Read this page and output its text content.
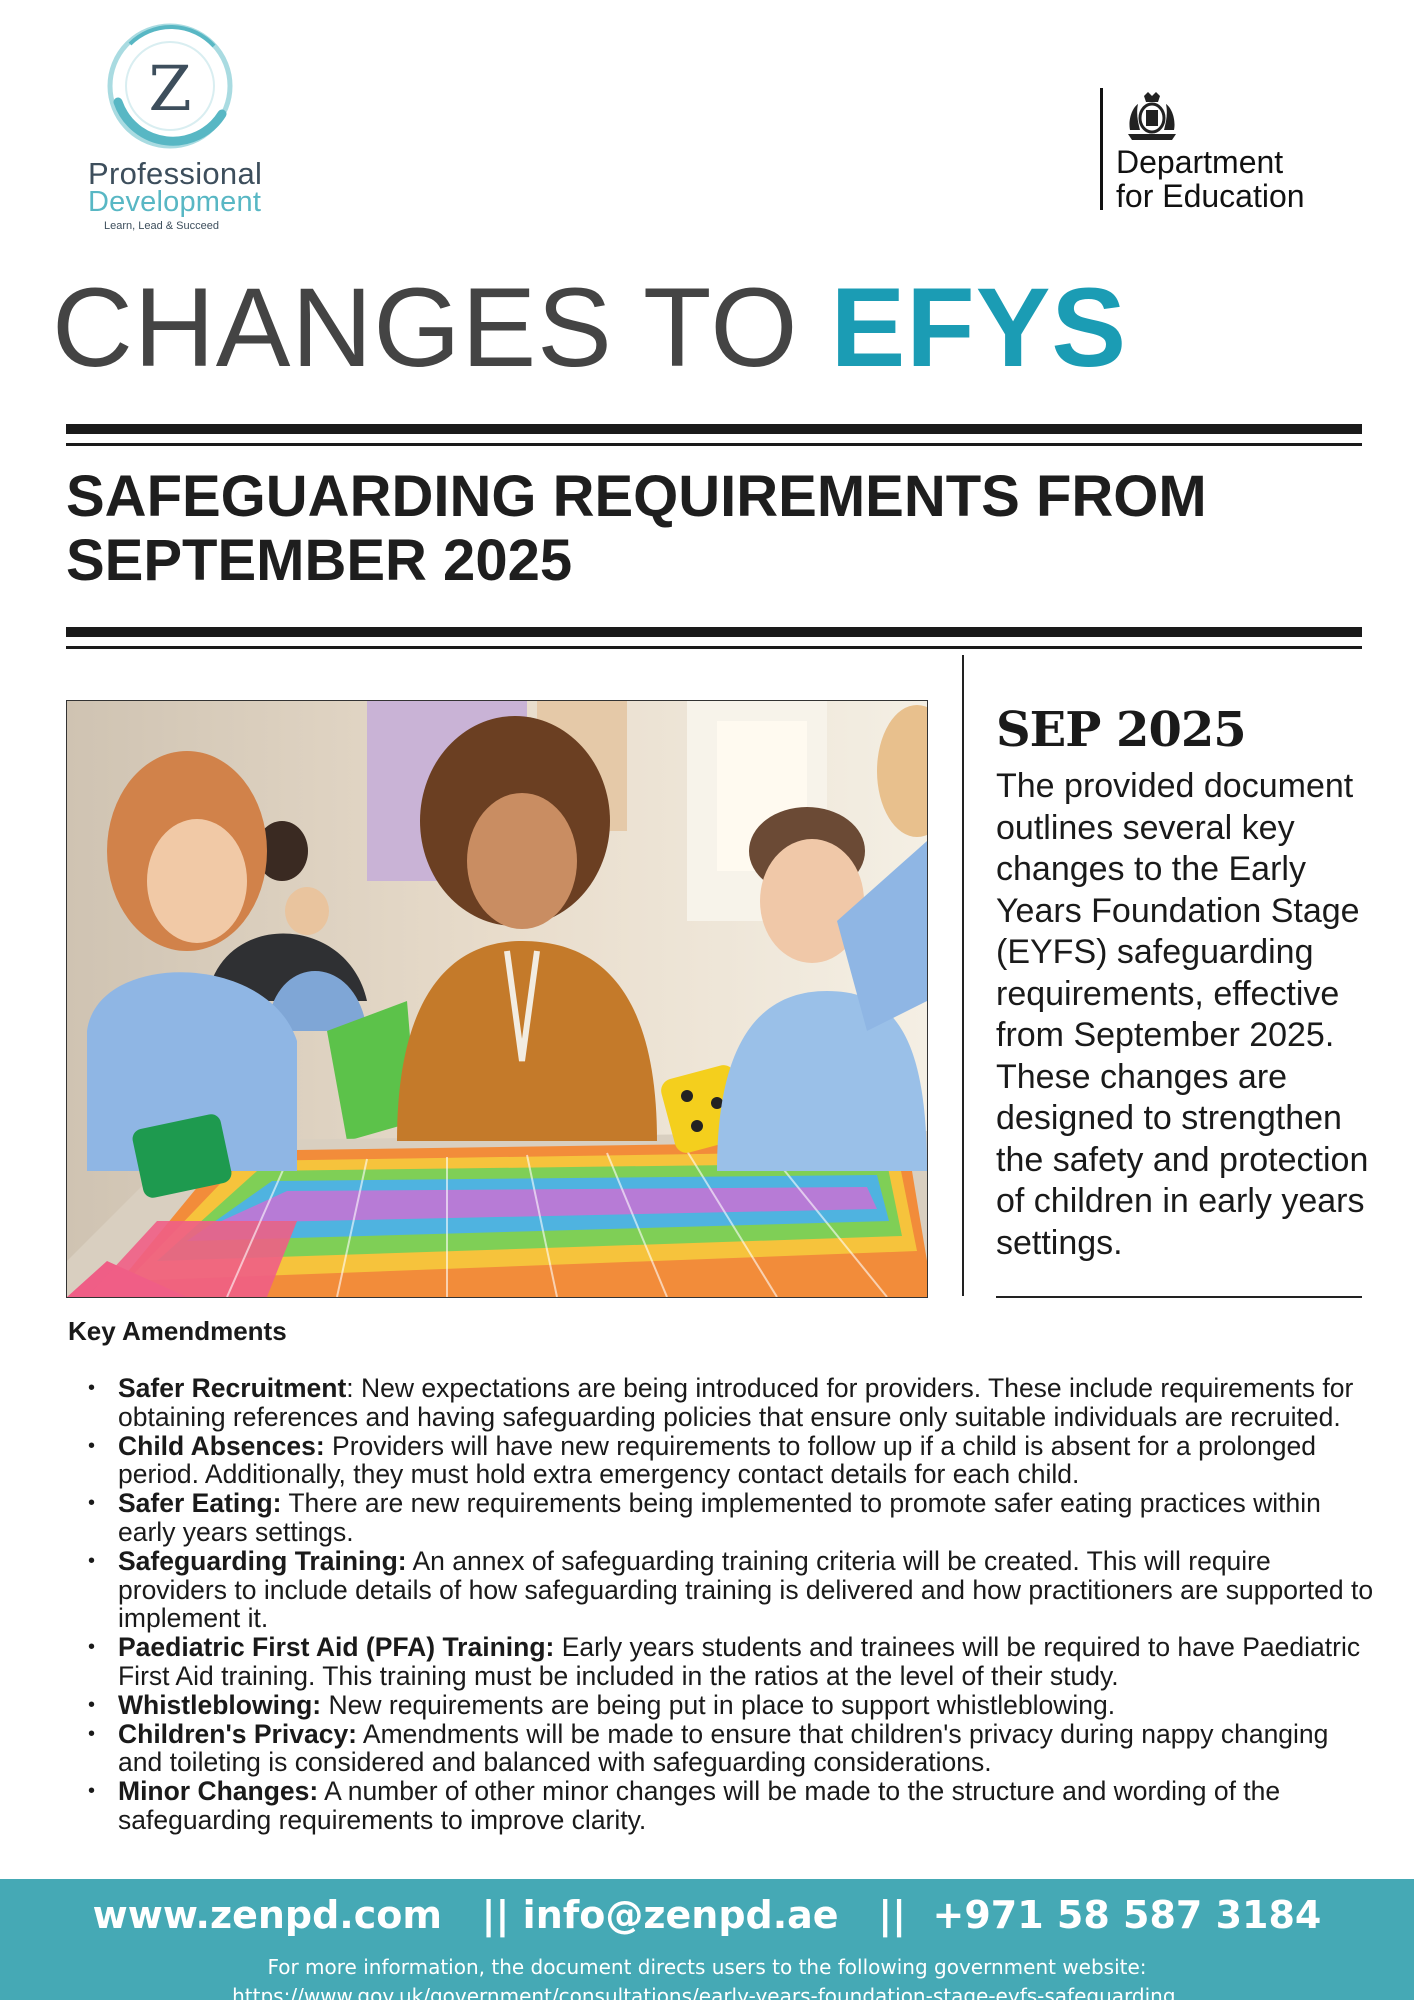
Z
Professional
Development
Learn, Lead & Succeed
Department
for Education
CHANGES TO EFYS
SAFEGUARDING REQUIREMENTS FROM
SEPTEMBER 2025
SEP 2025
The provided document outlines several key changes to the Early Years Foundation Stage (EYFS) safeguarding requirements, effective from September 2025. These changes are designed to strengthen the safety and protection of children in early years settings.
Key Amendments
• Safer Recruitment: New expectations are being introduced for providers. These include requirements for obtaining references and having safeguarding policies that ensure only suitable individuals are recruited.
• Child Absences: Providers will have new requirements to follow up if a child is absent for a prolonged period. Additionally, they must hold extra emergency contact details for each child.
• Safer Eating: There are new requirements being implemented to promote safer eating practices within early years settings.
• Safeguarding Training: An annex of safeguarding training criteria will be created. This will require providers to include details of how safeguarding training is delivered and how practitioners are supported to implement it.
• Paediatric First Aid (PFA) Training: Early years students and trainees will be required to have Paediatric First Aid training. This training must be included in the ratios at the level of their study.
• Whistleblowing: New requirements are being put in place to support whistleblowing.
• Children's Privacy: Amendments will be made to ensure that children's privacy during nappy changing and toileting is considered and balanced with safeguarding considerations.
• Minor Changes: A number of other minor changes will be made to the structure and wording of the safeguarding requirements to improve clarity.
www.zenpd.com || info@zenpd.ae || +971 58 587 3184
For more information, the document directs users to the following government website:
https://www.gov.uk/government/consultations/early-years-foundation-stage-eyfs-safeguarding.
